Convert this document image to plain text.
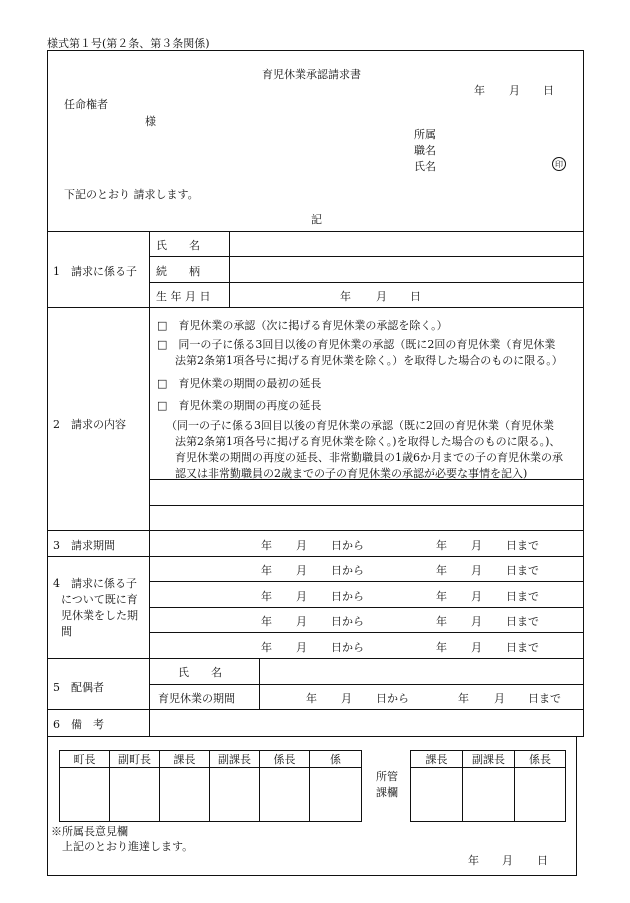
様式第１号(第２条、第３条関係)
育児休業承認請求書
年 月 日
任命権者
様
所属
職名
氏名	印
下記のとおり 請求します。
記
1　請求に係る子
氏　　名
続　　柄
生 年 月 日	年 月 日
2　請求の内容
□　育児休業の承認（次に掲げる育児休業の承認を除く。）
□　同一の子に係る3回目以後の育児休業の承認（既に2回の育児休業（育児休業
法第2条第1項各号に掲げる育児休業を除く。）を取得した場合のものに限る。）
□　育児休業の期間の最初の延長
□　育児休業の期間の再度の延長
（同一の子に係る3回目以後の育児休業の承認（既に2回の育児休業（育児休業
法第2条第1項各号に掲げる育児休業を除く。)を取得した場合のものに限る。)、
育児休業の期間の再度の延長、非常勤職員の1歳6か月までの子の育児休業の承
認又は非常勤職員の2歳までの子の育児休業の承認が必要な事情を記入)
3　請求期間	年 月 日から	年 月 日まで
4　請求に係る子
について既に育
児休業をした期
間
年 月 日から	年 月 日まで
年 月 日から	年 月 日まで
年 月 日から	年 月 日まで
年 月 日から	年 月 日まで
5　配偶者
氏　　名
育児休業の期間	年 月 日から	年 月 日まで
6　備　考
町長	副町長	課長	副課長	係長	係

所管
課欄
課長	副課長	係長

※所属長意見欄
上記のとおり進達します。
年 月 日
